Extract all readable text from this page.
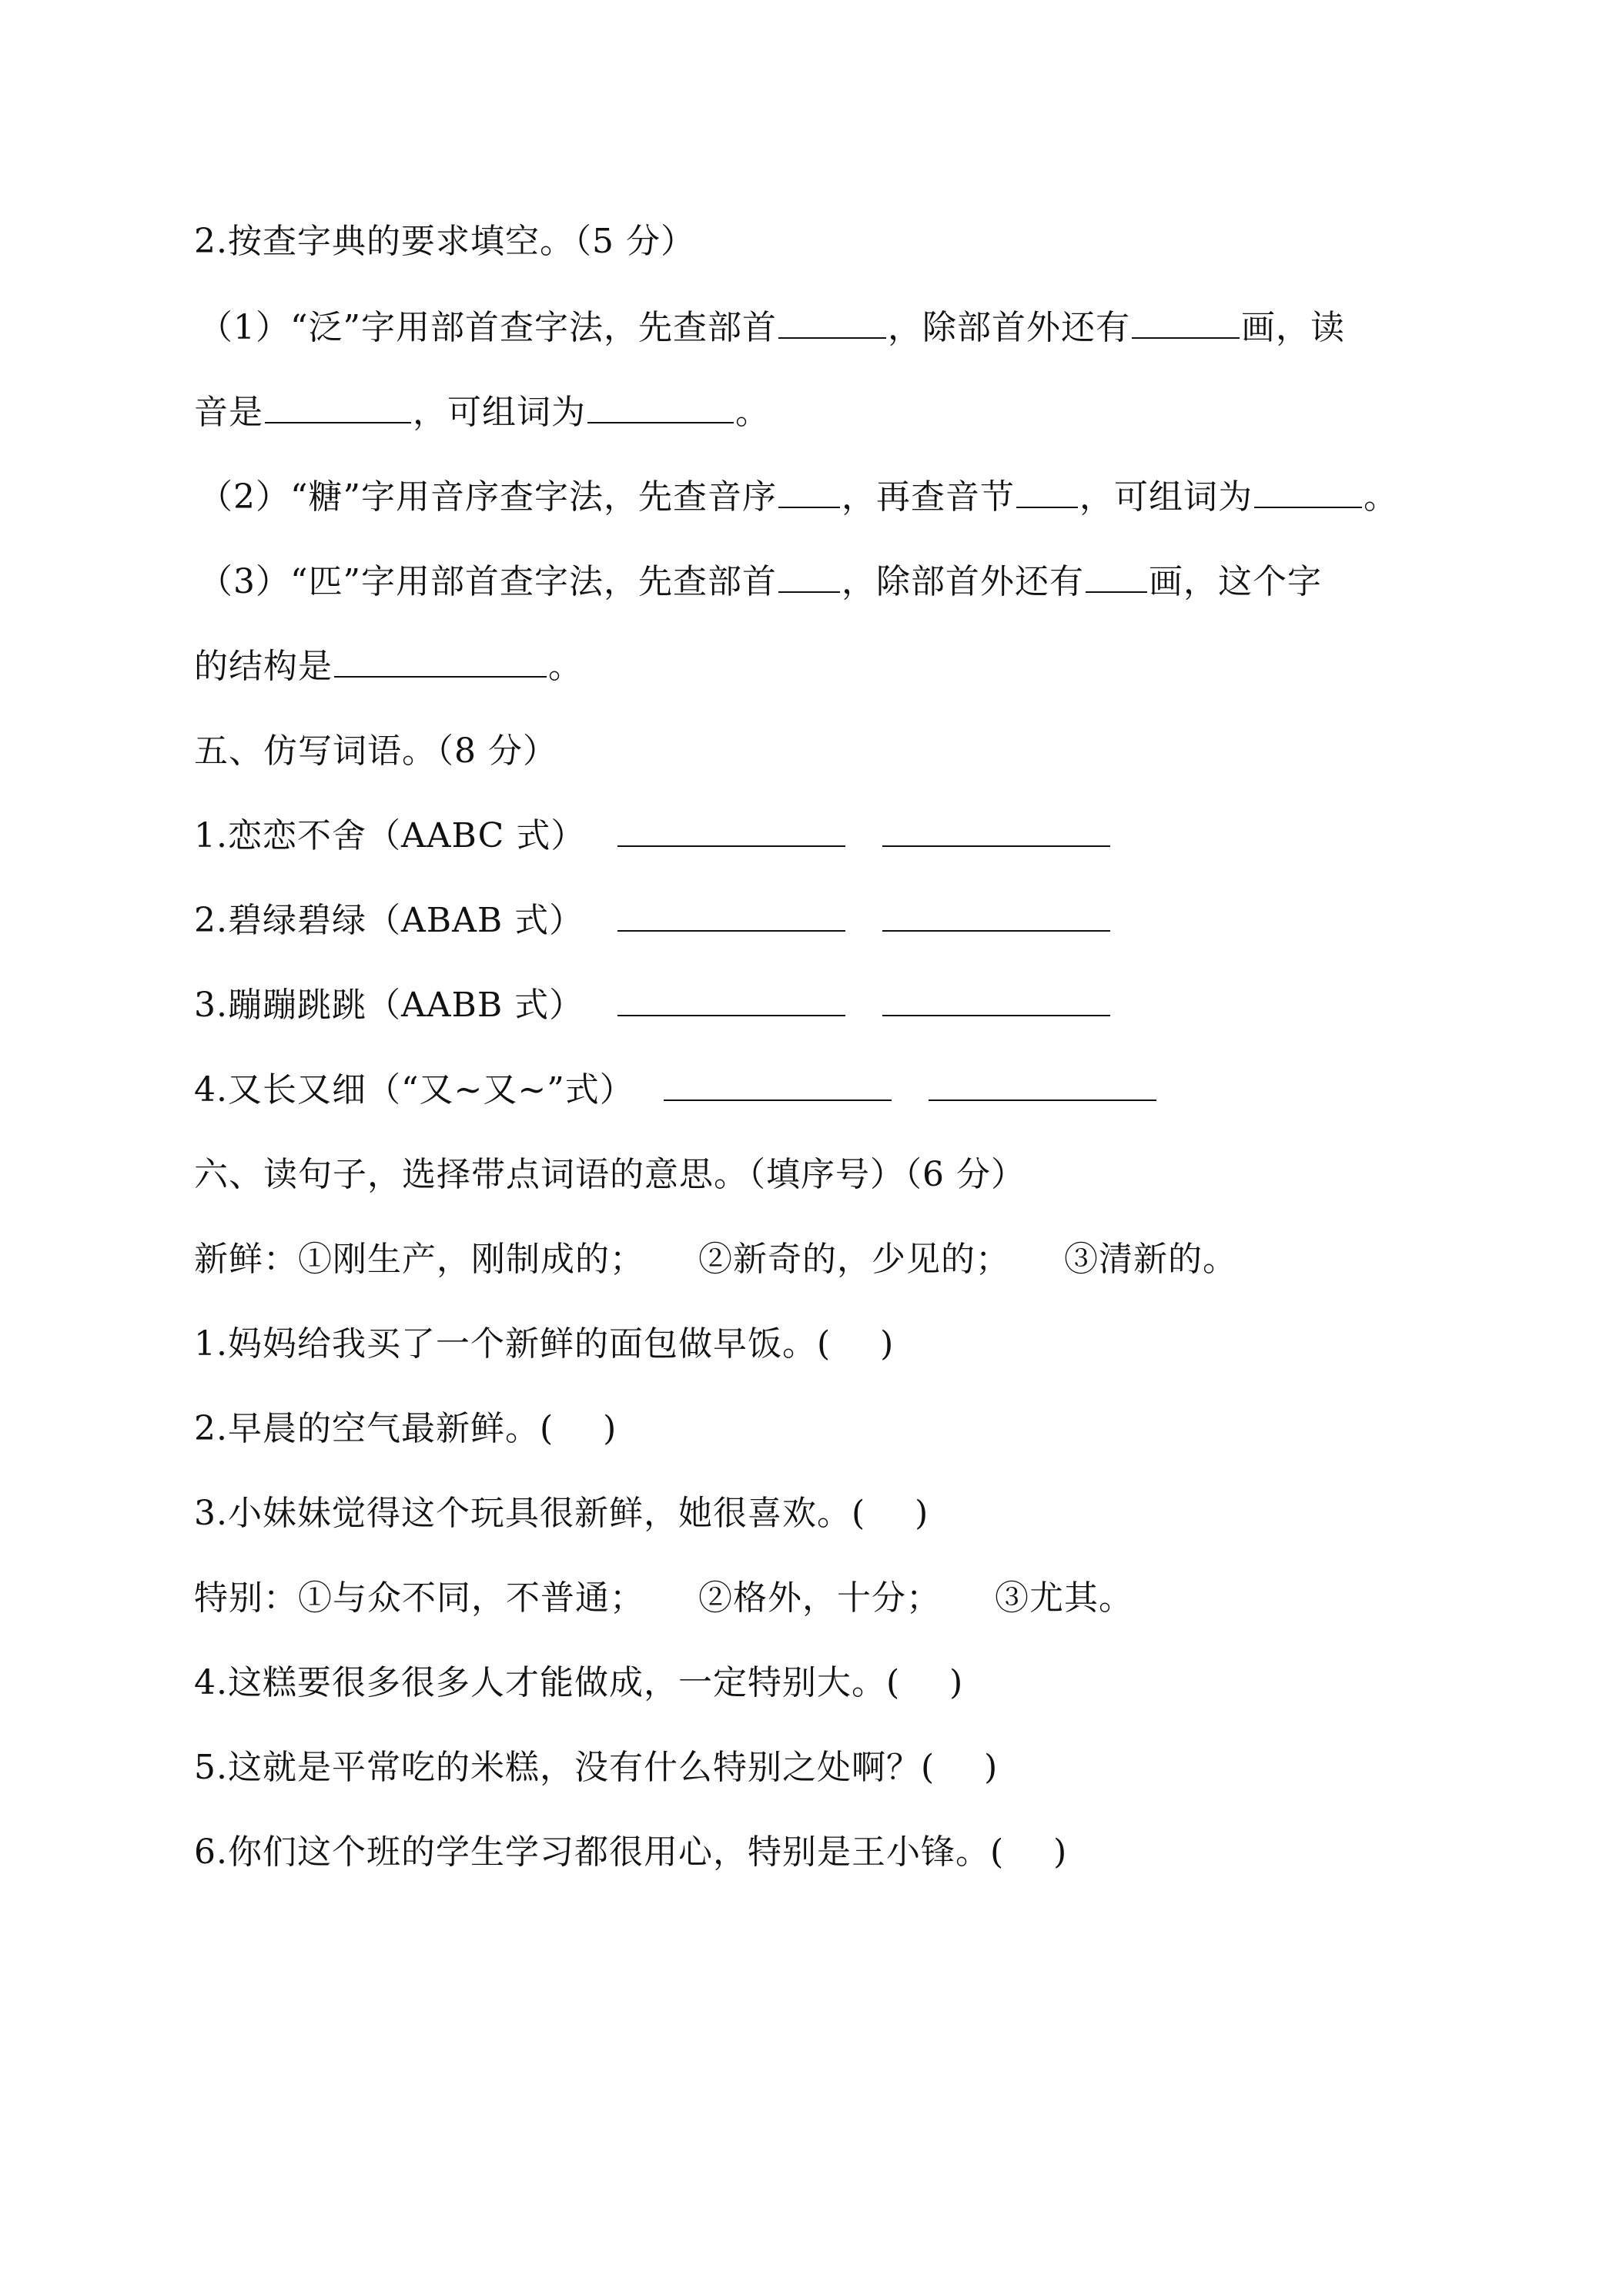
2.按查字典的要求填空。（5 分）
（1）“泛”字用部首查字法，先查部首	，除部首外还有	画，读
音是	，可组词为	。
（2）“糖”字用音序查字法，先查音序 ，再查音节 ，可组词为	。
（3）“匹”字用部首查字法，先查部首 ，除部首外还有 画，这个字
的结构是	。
五、仿写词语。（8 分）
1.恋恋不舍（AABC 式）
2.碧绿碧绿（ABAB 式）
3.蹦蹦跳跳（AABB 式）
4.又长又细（“又~又~”式）
六、读句子，选择带点词语的意思。（填序号）（6 分）
新鲜：①刚生产，刚制成的； ②新奇的，少见的； ③清新的。
1.妈妈给我买了一个新鲜的面包做早饭。( )
2.早晨的空气最新鲜。( )
3.小妹妹觉得这个玩具很新鲜，她很喜欢。( )
特别：①与众不同，不普通； ②格外，十分； ③尤其。
4.这糕要很多很多人才能做成，一定特别大。( )
5.这就是平常吃的米糕，没有什么特别之处啊？( )
6.你们这个班的学生学习都很用心，特别是王小锋。( )
